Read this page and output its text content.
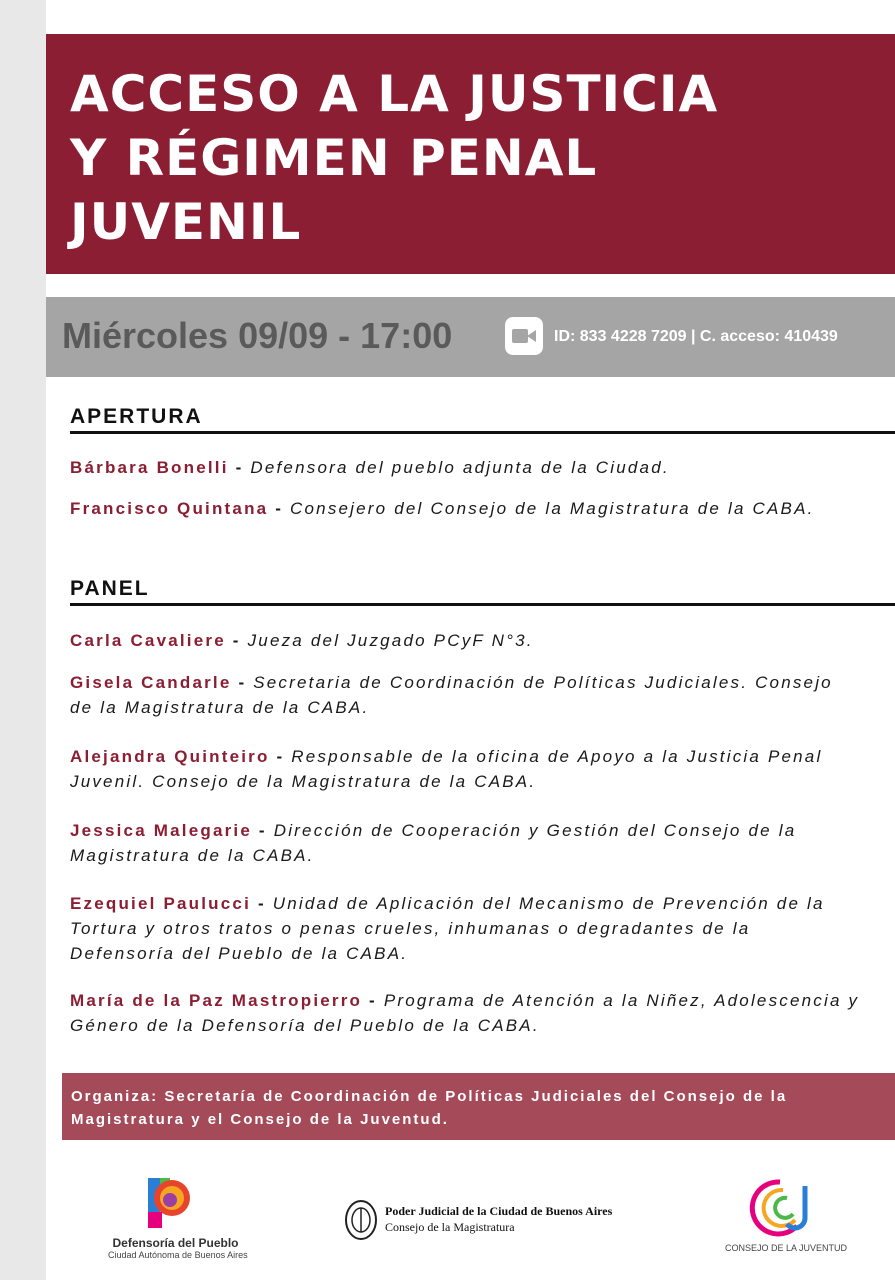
ACCESO A LA JUSTICIA
Y RÉGIMEN PENAL
JUVENIL
Miércoles 09/09 - 17:00	ID: 833 4228 7209 | C. acceso: 410439
APERTURA
Bárbara Bonelli - Defensora del pueblo adjunta de la Ciudad.
Francisco Quintana - Consejero del Consejo de la Magistratura de la CABA.
PANEL
Carla Cavaliere - Jueza del Juzgado PCyF N°3.
Gisela Candarle - Secretaria de Coordinación de Políticas Judiciales. Consejo de la Magistratura de la CABA.
Alejandra Quinteiro - Responsable de la oficina de Apoyo a la Justicia Penal Juvenil. Consejo de la Magistratura de la CABA.
Jessica Malegarie - Dirección de Cooperación y Gestión del Consejo de la Magistratura de la CABA.
Ezequiel Paulucci - Unidad de Aplicación del Mecanismo de Prevención de la Tortura y otros tratos o penas crueles, inhumanas o degradantes de la Defensoría del Pueblo de la CABA.
María de la Paz Mastropierro - Programa de Atención a la Niñez, Adolescencia y Género de la Defensoría del Pueblo de la CABA.

Organiza: Secretaría de Coordinación de Políticas Judiciales del Consejo de la Magistratura y el Consejo de la Juventud.

Defensoría del Pueblo
Ciudad Autónoma de Buenos Aires
Poder Judicial de la Ciudad de Buenos Aires
Consejo de la Magistratura
CONSEJO DE LA JUVENTUD
